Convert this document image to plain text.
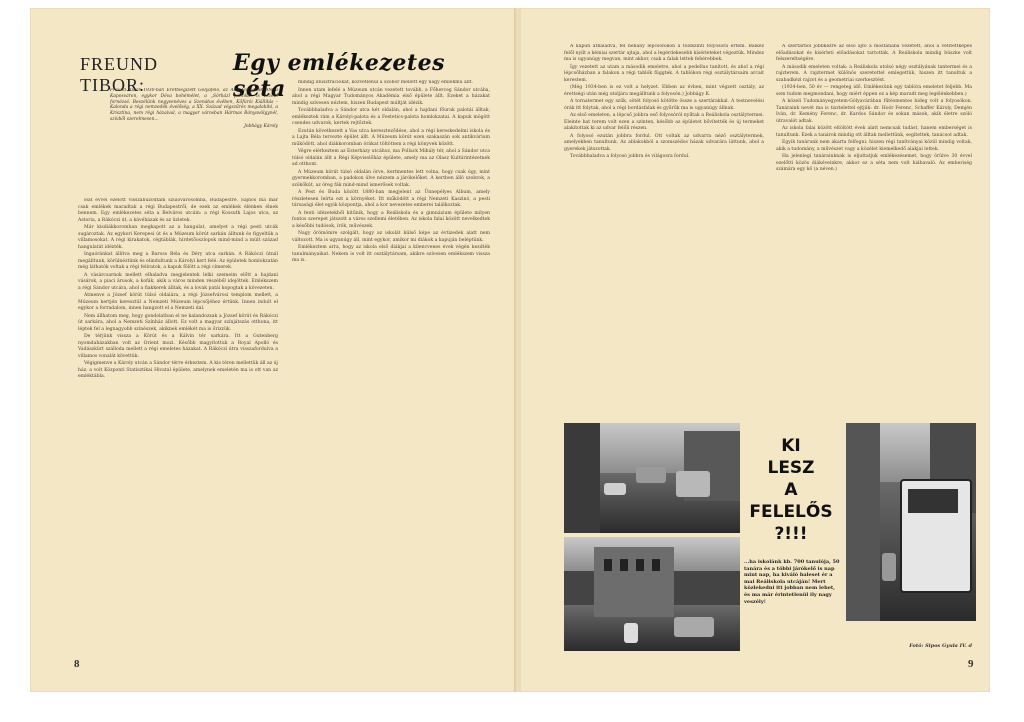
FREUND TIBOR:
Egy emlékezetes séta
Freund Tibor 1930-ban Érettségizett Gólyafélő, az Ady Vochanak 4M a Kaposváron, egykor Déva bohémélet, a „Sörházl pálinka” is vezető fornézsé. Beszélünk negyvenéves a Szenátus évében, Kőfúrói Kiállítás – Kalonda a régi nemzedék évelőség, a XX. Század végszűrés megalakító, a Krisztina, nem régi házaival, a magyar városban Hármas Bányavölgynél, szívből szerelmesen...
Jobbágy Károly

Hat évvel ezelőtt visszahúzódtam szülővárosomba, Budapestre. Sajnos ma már csak emlékek maradtak a régi Budapestről, de ezek az emlékek élénken élnek bennem. Egy emlékezetes séta a Belváros utcáin: a régi Kossuth Lajos utca, az Astoria, a Rákóczi út, a kávéházak és az üzletek.

Már kisdiákkoromban megkapott az a hangulat, amelyet a régi pesti utcák sugároztak. Az egykori Kerepesi út és a Múzeum körút sarkán álltunk és figyeltük a villamosokat. A régi kirakatok, cégtáblák, hirdetőoszlopok mind-mind a múlt század hangulatát idézték.

Ingaóránkat állítva meg a Baross Béla és Déry utca sarkán. A Rákóczi útnál megálltunk, körülnéztünk és elindultunk a Károlyi kert felé. Az épületek homlokzatán még láthatók voltak a régi feliratok, a kapuk fölött a régi címerek.

A vásárcsarnok mellett elhaladva megjelentek lelki szemeim előtt a hajdani vásárok, a piaci árusok, a kofák, akik a város minden részéből idejöttek. Emlékszem a régi Sándor utcára, ahol a fiakkerek álltak, és a lovak patái kopogtak a kövezeten.

Átmenve a József körút túlsó oldalára, a régi Józsefvárosi templom mellett, a Múzeum kertjén keresztül a Nemzeti Múzeum lépcsőjéhez értünk. Innen indult el egykor a forradalom, innen hangzott el a Nemzeti dal.

Nem állhatom meg, hogy gondolatban el ne kalandozzak a József körút és Rákóczi út sarkára, ahol a Nemzeti Színház állott. Ez volt a magyar színjátszás otthona, itt léptek fel a legnagyobb színészek, akiknek emlékét ma is őrizzük.

De térjünk vissza a Körút és a Kálvin tér sarkára. Itt a Gutenberg nyomdaházakban volt az Orient mozi. Később magyítottuk a Royal Apolló és Vadászkürt szálloda mellett a régi emeletes házakat. A Rákóczi útra visszafordulva a villamos vonalát követtük.

Végigmenve a Károly utcán a Sándor térre érkeztem. A kis téren mellettük áll az új ház, a volt Központi Statisztikai Hivatal épülete, amelynek emeletén ma is ott van az emléktábla.

mindig illusztrációkat, közvetlenül a szobor mellett egy nagy emlékmű állt.

Innen utam lefelé a Múzeum utcán vezetett tovább, a Főherceg Sándor utcába, ahol a régi Magyar Tudományos Akadémia első épülete állt. Ezeket a házakat mindig szívesen néztem, hiszen Budapest múltját idézik.

Továbbhaladva a Sándor utca két oldalán, ahol a hajdani főurak palotái álltak, emlékeztek rám a Károlyi-palota és a Festetics-palota homlokzatai. A kapuk mögött csendes udvarok, kertek rejtőztek.

Ezután következett a Vas utca kereszteződése, ahol a régi kereskedelmi iskola és a Lajta Béla tervezte épület állt. A Múzeum körút ezen szakaszán sok antikvárium működött, ahol diákkoromban órákat töltöttem a régi könyvek között.

Végre elérkeztem az Esterházy utcához, ma Pollack Mihály tér, ahol a Sándor utca túlsó oldalán állt a Régi Képviselőház épülete, amely ma az Olasz Kultúrintézetnek ad otthont.

A Múzeum körút túlsó oldalán örve, kertmentes lett volna, hogy csak úgy, mint gyermekkoromban, a padokon ülve nézzem a járókelőket. A kertben álló szobrok, a szökőkút, az öreg fák mind-mind ismerősek voltak.

A Pest és Buda között 1880-ban megjelent az Ünnepélyes Album, amely részletesen leírta ezt a környéket. Itt működött a régi Nemzeti Kaszinó, a pesti társasági élet egyik központja, ahol a kor nevezetes emberei találkoztak.

A fenti idézetekből kitűnik, hogy a Reáliskola és a gimnázium épülete milyen fontos szerepet játszott a város szellemi életében. Az iskola falai között nevelkedtek a későbbi tudósok, írók, művészek.

Nagy örömömre szolgált, hogy az iskolát külső képe az évtizedek alatt nem változott. Ma is ugyanúgy áll, mint egykor, amikor mi diákok a kapuján beléptünk.

Emlékeztem arra, hogy az iskola első diákjai a kilencvenes évek végén kezdték tanulmányaikat. Nekem is volt itt osztálytársam, akikre szívesen emlékszem vissza ma is.

8

A kapun áthaladva, fel néhány lépcsőfokon a földszinti folyosóra értem. Balkéz felől nyílt a kémiai szertár ajtaja, ahol a legérdekesebb kísérleteket végeztük. Mindez ma is ugyanúgy megvan, mint akkor, csak a falak lettek fehérebbek.

Így vezetett az utam a második emeletre, ahol a pedellus tanított, és ahol a régi lépcsőházban a falakon a régi tablók függtek. A tablókon régi osztálytársaim arcait kerestem.

(Még 1934-ben is ez volt a helyzet. Ebben az évben, mint végzett osztály, az érettségi után még utoljára megálltunk a folyosón.) Jobbágy K.

A tornatermet egy szűk, sötét folyosó kötötte össze a szertárakkal. A testnevelési órák itt folytak, ahol a régi bordásfalak és gyűrűk ma is ugyanúgy állnak.

Az első emeleten, a lépcső jobbra eső folyosóról nyíltak a Reáliskola osztálytermei. Eleinte hat terem volt ezen a szinten, később az épületet bővítették és új termeket alakítottak ki az udvar felőli részen.

A folyosó ezután jobbra fordul. Ott voltak az udvarra néző osztálytermek, amelyekben tanultunk. Az ablakokból a szomszédos házak udvarára láttunk, ahol a gyerekek játszottak.

Továbbhaladva a folyosó jobbra és világosra fordul.

A szertárból jobbkézre az első ajtó a mostanába vezetett, ahol a vetítettképes előadásokat és kísérleti előadásokat tartották. A Reáliskola mindig büszke volt felszereltségére.

A második emeleten voltak: a Reáliskola utolsó négy osztályának tantermei és a rajzterem. A rajztermet különös szeretettel emlegettük, hiszen itt tanultuk a szabadkézi rajzot és a geometriai szerkesztést.

(1934-ben, 50 év — rengeteg idő. Emlékezünk egy tablóra emeletet feljebb. Ma sem tudom megmondani, hogy miért éppen ez a kép maradt meg legélénkebben.)

A közeli Tudományegyetem-Gólyavárában fűtésmentes hideg volt a folyosókon. Tanáraink nevét ma is tisztelettel ejtjük: dr. Hoór Ferenc, Schaffer Károly, Demjén Iván, dr. Kemény Ferenc, dr. Kardos Sándor és sokan mások, akik életre szóló útravalót adtak.

Az iskola falai között eltöltött évek alatt nemcsak tudást, hanem emberséget is tanultunk. Ezek a tanárok mindig ott álltak mellettünk, segítettek, tanácsot adtak.

Egyik tanárunk nem akarta felfogni: hiszen régi tanítványai közül mindig voltak, akik a tudomány, a művészet vagy a közélet kiemelkedő alakjai lettek.

Ha jelenlegi tanárainknak is eljuttatjuk emlékezésemet, hogy örülve 30 évvel ezelőtti közös diákéveinkre, akkor ez a séta nem volt hiábavaló. Az emberiség számára egy kő (a néven.)

KI
LESZ
A
FELELŐS
?!!!
...ha iskolánk kb. 700 tanulója, 50 tanára és a többi járókelő is nap mint nap, ha kiváló baleset ér a mai Reáliskola utcáján! Mert közlekedni itt jobban nem lehet, és ma már érintetlenül ily nagy veszély!
Fotó: Sipos Gyula IV. d
9
